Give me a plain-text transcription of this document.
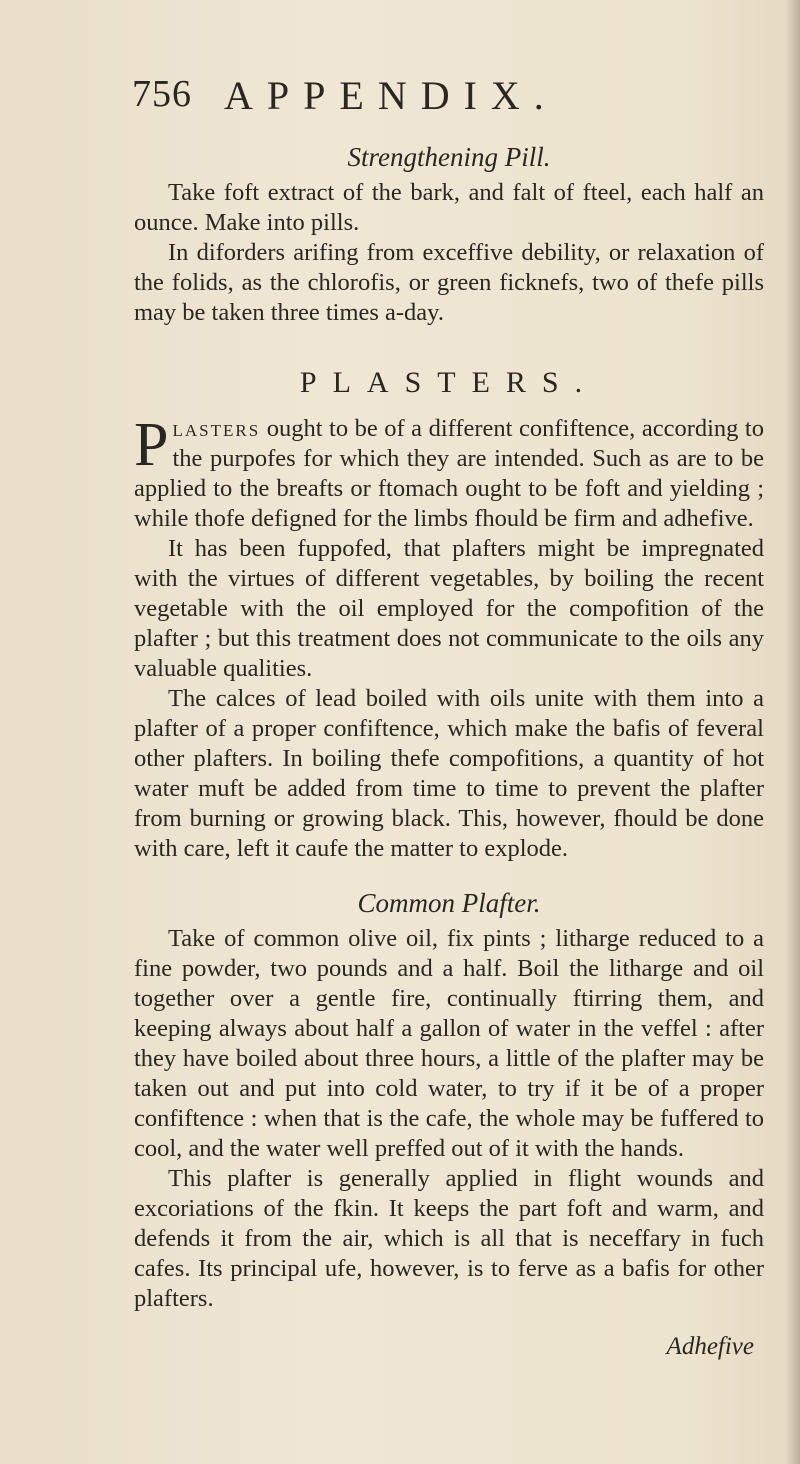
756 APPENDIX.
Strengthening Pill.

Take foft extract of the bark, and falt of fteel, each half an ounce. Make into pills.

In diforders arifing from exceffive debility, or relaxation of the folids, as the chlorofis, or green ficknefs, two of thefe pills may be taken three times a-day.

PLASTERS.

Plasters ought to be of a different confiftence, according to the purpofes for which they are intended. Such as are to be applied to the breafts or ftomach ought to be foft and yielding ; while thofe defigned for the limbs fhould be firm and adhefive.

It has been fuppofed, that plafters might be impregnated with the virtues of different vegetables, by boiling the recent vegetable with the oil employed for the compofition of the plafter ; but this treatment does not communicate to the oils any valuable qualities.

The calces of lead boiled with oils unite with them into a plafter of a proper confiftence, which make the bafis of feveral other plafters. In boiling thefe compofitions, a quantity of hot water muft be added from time to time to prevent the plafter from burning or growing black. This, however, fhould be done with care, left it caufe the matter to explode.

Common Plafter.

Take of common olive oil, fix pints ; litharge reduced to a fine powder, two pounds and a half. Boil the litharge and oil together over a gentle fire, continually ftirring them, and keeping always about half a gallon of water in the veffel : after they have boiled about three hours, a little of the plafter may be taken out and put into cold water, to try if it be of a proper confiftence : when that is the cafe, the whole may be fuffered to cool, and the water well preffed out of it with the hands.

This plafter is generally applied in flight wounds and excoriations of the fkin. It keeps the part foft and warm, and defends it from the air, which is all that is neceffary in fuch cafes. Its principal ufe, however, is to ferve as a bafis for other plafters.

Adhefive
